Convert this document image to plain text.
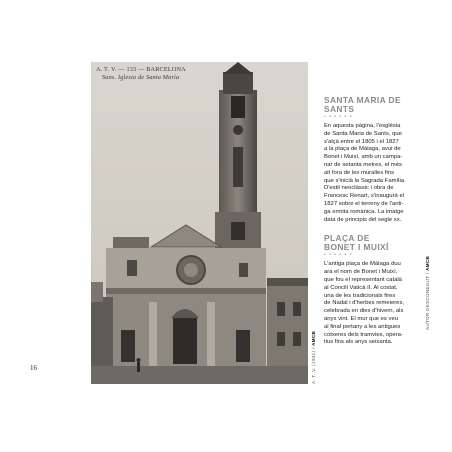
16
A. T. V. — 133 — BARCELONA
Sans. Iglesia de Santa María
A. T. V. (1931) / AMCB
AUTOR DESCONEGUT / AMCB
SANTA MARIA DE SANTS
• • • • • •
En aquesta pàgina, l'església
de Santa Maria de Sants, que
s'alçà entre el 1805 i el 1827
a la plaça de Màlaga, avui de
Bonet i Muixí, amb un campa-
nar de setanta metres, el més
alt fora de les muralles fins
que s'inicià la Sagrada Família.
D'estil neoclàssic i obra de
Francesc Renart, s'inaugurà el
1827 sobre el terreny de l'anti-
ga ermita romànica. La imatge
data de principis del segle xx.
PLAÇA DE
BONET I MUIXÍ
• • • • • •
L'antiga plaça de Màlaga duu
ara el nom de Bonet i Muixí,
que fou el representant català
al Concili Vaticà II. Al costat,
una de les tradicionals fires
de Nadal i d'herbes remeieres,
celebrada en dies d'hivern, als
anys vint. El mur que es veu
al final pertany a les antigues
cotxeres dels tramvies, opera-
tius fins als anys seixanta.
